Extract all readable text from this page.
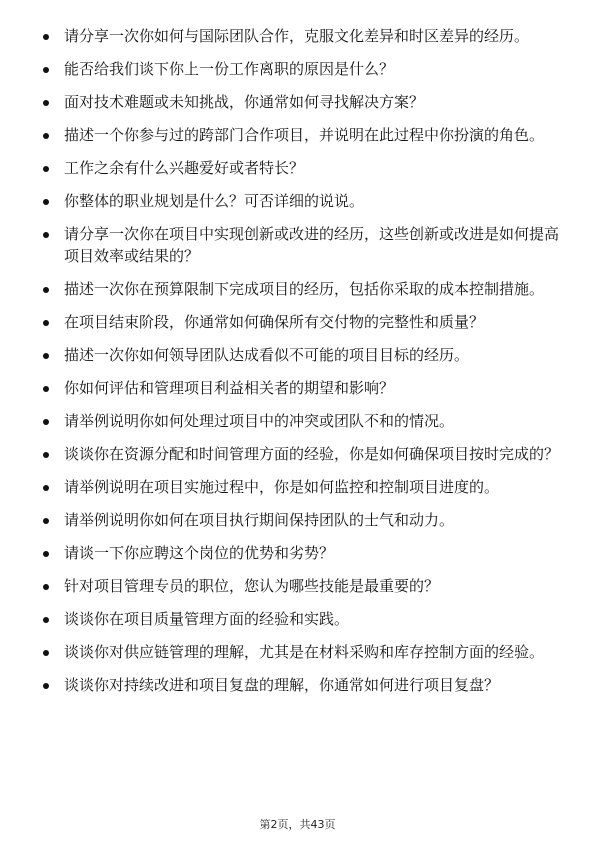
请分享一次你如何与国际团队合作，克服文化差异和时区差异的经历。
能否给我们谈下你上一份工作离职的原因是什么？
面对技术难题或未知挑战，你通常如何寻找解决方案？
描述一个你参与过的跨部门合作项目，并说明在此过程中你扮演的角色。
工作之余有什么兴趣爱好或者特长？
你整体的职业规划是什么？可否详细的说说。
请分享一次你在项目中实现创新或改进的经历，这些创新或改进是如何提高项目效率或结果的？
描述一次你在预算限制下完成项目的经历，包括你采取的成本控制措施。
在项目结束阶段，你通常如何确保所有交付物的完整性和质量？
描述一次你如何领导团队达成看似不可能的项目目标的经历。
你如何评估和管理项目利益相关者的期望和影响？
请举例说明你如何处理过项目中的冲突或团队不和的情况。
谈谈你在资源分配和时间管理方面的经验，你是如何确保项目按时完成的？
请举例说明在项目实施过程中，你是如何监控和控制项目进度的。
请举例说明你如何在项目执行期间保持团队的士气和动力。
请谈一下你应聘这个岗位的优势和劣势？
针对项目管理专员的职位，您认为哪些技能是最重要的？
谈谈你在项目质量管理方面的经验和实践。
谈谈你对供应链管理的理解，尤其是在材料采购和库存控制方面的经验。
谈谈你对持续改进和项目复盘的理解，你通常如何进行项目复盘？
第2页，共43页
